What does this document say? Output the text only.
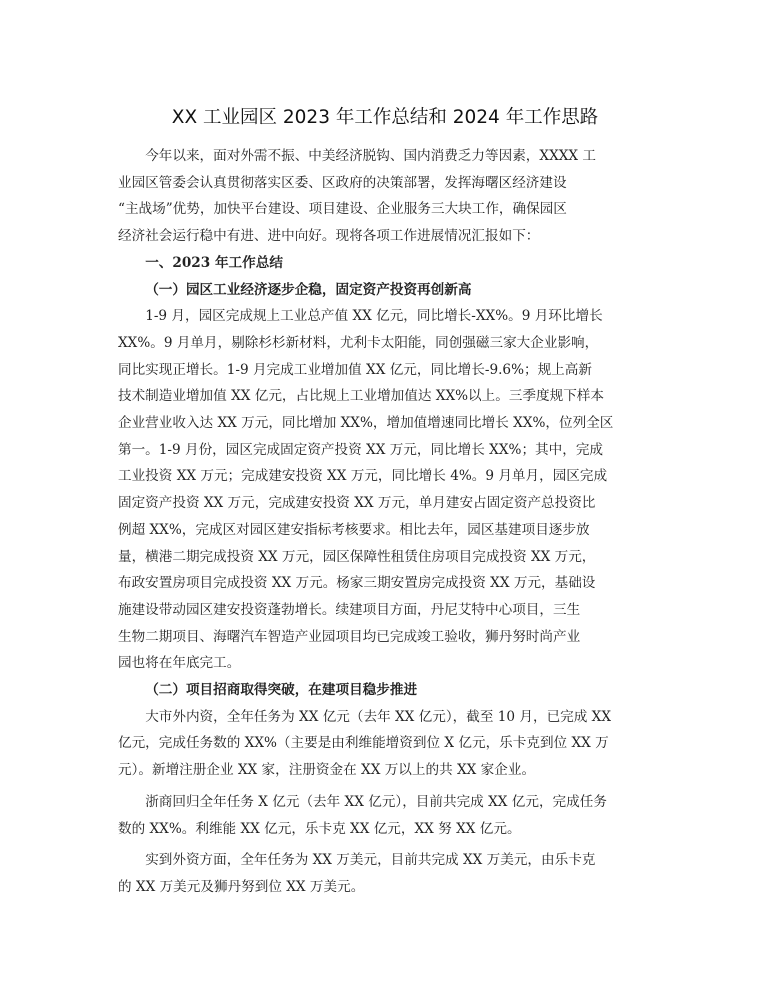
XX 工业园区 2023 年工作总结和 2024 年工作思路

今年以来，面对外需不振、中美经济脱钩、国内消费乏力等因素，XXXX 工
业园区管委会认真贯彻落实区委、区政府的决策部署，发挥海曙区经济建设
“主战场”优势，加快平台建设、项目建设、企业服务三大块工作，确保园区
经济社会运行稳中有进、进中向好。现将各项工作进展情况汇报如下：

一、2023 年工作总结

（一）园区工业经济逐步企稳，固定资产投资再创新高

1-9 月，园区完成规上工业总产值 XX 亿元，同比增长-XX%。9 月环比增长
XX%。9 月单月，剔除杉杉新材料，尤利卡太阳能，同创强磁三家大企业影响，
同比实现正增长。1-9 月完成工业增加值 XX 亿元，同比增长-9.6%；规上高新
技术制造业增加值 XX 亿元，占比规上工业增加值达 XX%以上。三季度规下样本
企业营业收入达 XX 万元，同比增加 XX%，增加值增速同比增长 XX%，位列全区
第一。1-9 月份，园区完成固定资产投资 XX 万元，同比增长 XX%；其中，完成
工业投资 XX 万元；完成建安投资 XX 万元，同比增长 4%。9 月单月，园区完成
固定资产投资 XX 万元，完成建安投资 XX 万元，单月建安占固定资产总投资比
例超 XX%，完成区对园区建安指标考核要求。相比去年，园区基建项目逐步放
量，横港二期完成投资 XX 万元，园区保障性租赁住房项目完成投资 XX 万元，
布政安置房项目完成投资 XX 万元。杨家三期安置房完成投资 XX 万元，基础设
施建设带动园区建安投资蓬勃增长。续建项目方面，丹尼艾特中心项目，三生
生物二期项目、海曙汽车智造产业园项目均已完成竣工验收，狮丹努时尚产业
园也将在年底完工。

（二）项目招商取得突破，在建项目稳步推进

大市外内资，全年任务为 XX 亿元（去年 XX 亿元），截至 10 月，已完成 XX
亿元，完成任务数的 XX%（主要是由利维能增资到位 X 亿元，乐卡克到位 XX 万
元）。新增注册企业 XX 家，注册资金在 XX 万以上的共 XX 家企业。

浙商回归全年任务 X 亿元（去年 XX 亿元），目前共完成 XX 亿元，完成任务
数的 XX%。利维能 XX 亿元，乐卡克 XX 亿元，XX 努 XX 亿元。

实到外资方面，全年任务为 XX 万美元，目前共完成 XX 万美元，由乐卡克
的 XX 万美元及狮丹努到位 XX 万美元。
